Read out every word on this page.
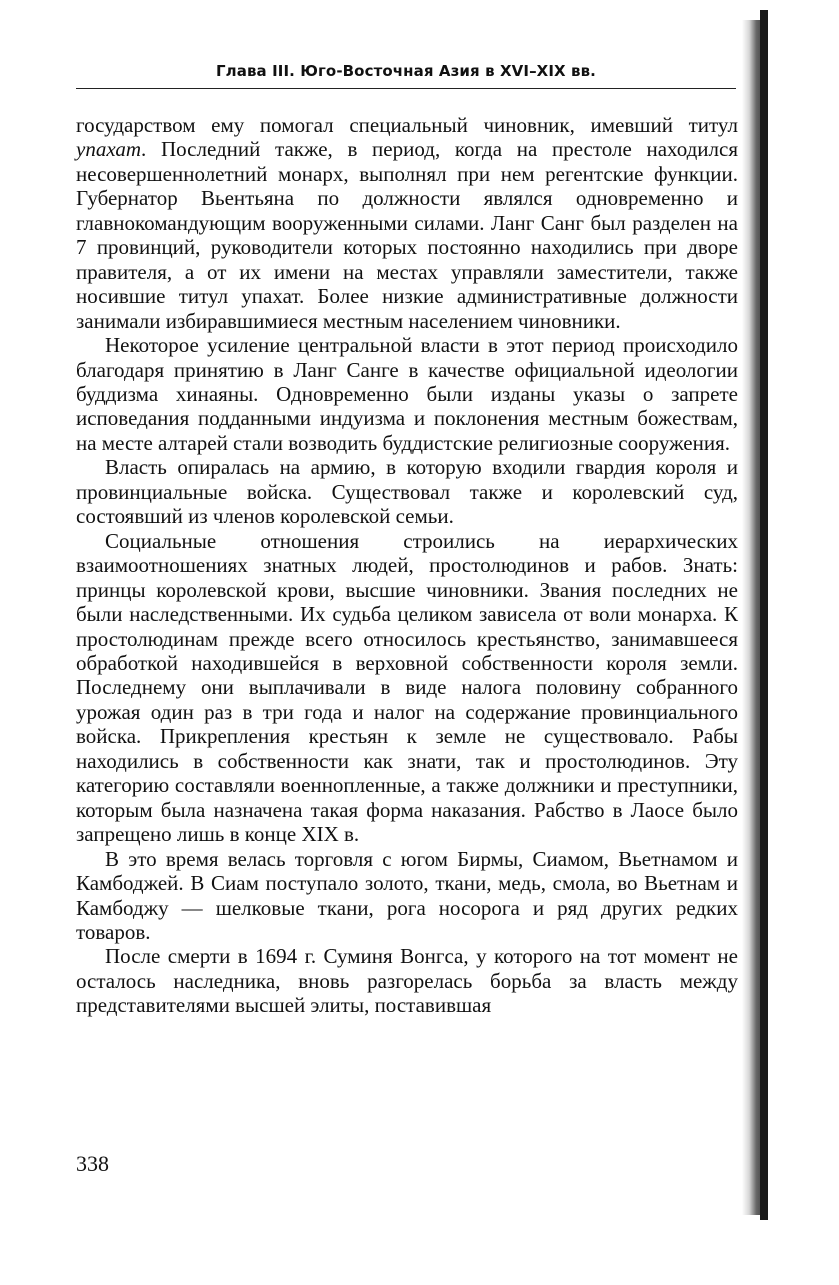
Глава III. Юго-Восточная Азия в XVI–XIX вв.

государством ему помогал специальный чиновник, имевший титул упахат. Последний также, в период, когда на престоле находился несовершеннолетний монарх, выполнял при нем регентские функции. Губернатор Вьентьяна по должности являлся одновременно и главнокомандующим вооруженными силами. Ланг Санг был разделен на 7 провинций, руководители которых постоянно находились при дворе правителя, а от их имени на местах управляли заместители, также носившие титул упахат. Более низкие административные должности занимали избиравшимиеся местным населением чиновники.

Некоторое усиление центральной власти в этот период происходило благодаря принятию в Ланг Санге в качестве официальной идеологии буддизма хинаяны. Одновременно были изданы указы о запрете исповедания подданными индуизма и поклонения местным божествам, на месте алтарей стали возводить буддистские религиозные сооружения.

Власть опиралась на армию, в которую входили гвардия короля и провинциальные войска. Существовал также и королевский суд, состоявший из членов королевской семьи.

Социальные отношения строились на иерархических взаимоотношениях знатных людей, простолюдинов и рабов. Знать: принцы королевской крови, высшие чиновники. Звания последних не были наследственными. Их судьба целиком зависела от воли монарха. К простолюдинам прежде всего относилось крестьянство, занимавшееся обработкой находившейся в верховной собственности короля земли. Последнему они выплачивали в виде налога половину собранного урожая один раз в три года и налог на содержание провинциального войска. Прикрепления крестьян к земле не существовало. Рабы находились в собственности как знати, так и простолюдинов. Эту категорию составляли военнопленные, а также должники и преступники, которым была назначена такая форма наказания. Рабство в Лаосе было запрещено лишь в конце XIX в.

В это время велась торговля с югом Бирмы, Сиамом, Вьетнамом и Камбоджей. В Сиам поступало золото, ткани, медь, смола, во Вьетнам и Камбоджу — шелковые ткани, рога носорога и ряд других редких товаров.

После смерти в 1694 г. Суминя Вонгса, у которого на тот момент не осталось наследника, вновь разгорелась борьба за власть между представителями высшей элиты, поставившая

338
